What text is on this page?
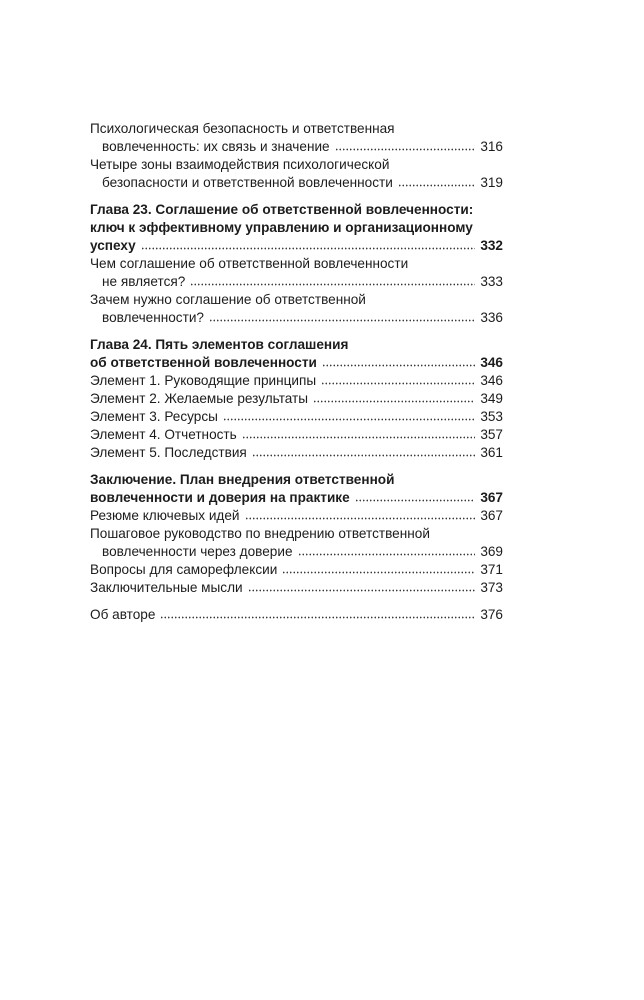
Психологическая безопасность и ответственная
вовлеченность: их связь и значение	316
Четыре зоны взаимодействия психологической
безопасности и ответственной вовлеченности	319
Глава 23. Соглашение об ответственной вовлеченности:
ключ к эффективному управлению и организационному
успеху	332
Чем соглашение об ответственной вовлеченности
не является?	333
Зачем нужно соглашение об ответственной
вовлеченности?	336
Глава 24. Пять элементов соглашения
об ответственной вовлеченности	346
Элемент 1. Руководящие принципы	346
Элемент 2. Желаемые результаты	349
Элемент 3. Ресурсы	353
Элемент 4. Отчетность	357
Элемент 5. Последствия	361
Заключение. План внедрения ответственной
вовлеченности и доверия на практике	367
Резюме ключевых идей	367
Пошаговое руководство по внедрению ответственной
вовлеченности через доверие	369
Вопросы для саморефлексии	371
Заключительные мысли	373
Об авторе	376
